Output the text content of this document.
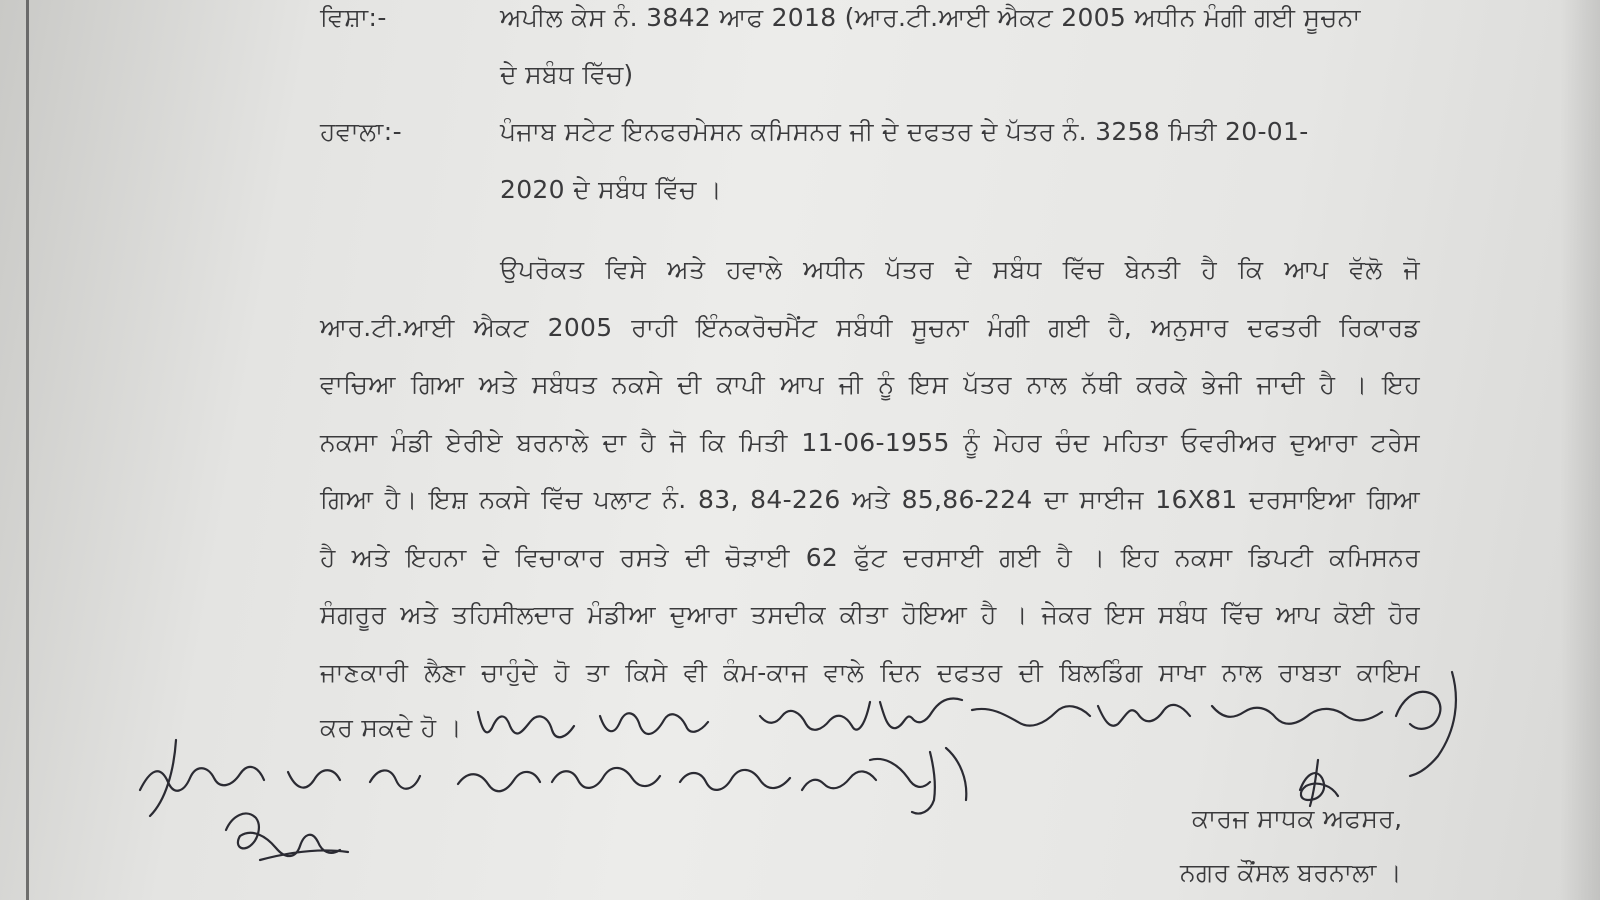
ਵਿਸ਼ਾ:-	ਅਪੀਲ ਕੇਸ ਨੰ. 3842 ਆਫ 2018 (ਆਰ.ਟੀ.ਆਈ ਐਕਟ 2005 ਅਧੀਨ ਮੰਗੀ ਗਈ ਸੂਚਨਾ
ਦੇ ਸਬੰਧ ਵਿੱਚ)
ਹਵਾਲਾ:-	ਪੰਜਾਬ ਸਟੇਟ ਇਨਫਰਮੇਸਨ ਕਮਿਸਨਰ ਜੀ ਦੇ ਦਫਤਰ ਦੇ ਪੱਤਰ ਨੰ. 3258 ਮਿਤੀ 20-01-
2020 ਦੇ ਸਬੰਧ ਵਿੱਚ ।
ਉਪਰੋਕਤ ਵਿਸੇ ਅਤੇ ਹਵਾਲੇ ਅਧੀਨ ਪੱਤਰ ਦੇ ਸਬੰਧ ਵਿੱਚ ਬੇਨਤੀ ਹੈ ਕਿ ਆਪ ਵੱਲੋ ਜੋ
ਆਰ.ਟੀ.ਆਈ ਐਕਟ 2005 ਰਾਹੀ ਇੰਨਕਰੋਚਮੈਂਟ ਸਬੰਧੀ ਸੂਚਨਾ ਮੰਗੀ ਗਈ ਹੈ, ਅਨੁਸਾਰ ਦਫਤਰੀ ਰਿਕਾਰਡ
ਵਾਚਿਆ ਗਿਆ ਅਤੇ ਸਬੰਧਤ ਨਕਸੇ ਦੀ ਕਾਪੀ ਆਪ ਜੀ ਨੂੰ ਇਸ ਪੱਤਰ ਨਾਲ ਨੱਥੀ ਕਰਕੇ ਭੇਜੀ ਜਾਦੀ ਹੈ । ਇਹ
ਨਕਸਾ ਮੰਡੀ ਏਰੀਏ ਬਰਨਾਲੇ ਦਾ ਹੈ ਜੋ ਕਿ ਮਿਤੀ 11-06-1955 ਨੂੰ ਮੇਹਰ ਚੰਦ ਮਹਿਤਾ ਓਵਰੀਅਰ ਦੁਆਰਾ ਟਰੇਸ
ਗਿਆ ਹੈ। ਇਸ਼ ਨਕਸੇ ਵਿੱਚ ਪਲਾਟ ਨੰ. 83, 84-226 ਅਤੇ 85,86-224 ਦਾ ਸਾਈਜ 16X81 ਦਰਸਾਇਆ ਗਿਆ
ਹੈ ਅਤੇ ਇਹਨਾ ਦੇ ਵਿਚਾਕਾਰ ਰਸਤੇ ਦੀ ਚੋੜਾਈ 62 ਫੁੱਟ ਦਰਸਾਈ ਗਈ ਹੈ । ਇਹ ਨਕਸਾ ਡਿਪਟੀ ਕਮਿਸਨਰ
ਸੰਗਰੂਰ ਅਤੇ ਤਹਿਸੀਲਦਾਰ ਮੰਡੀਆ ਦੁਆਰਾ ਤਸਦੀਕ ਕੀਤਾ ਹੋਇਆ ਹੈ । ਜੇਕਰ ਇਸ ਸਬੰਧ ਵਿੱਚ ਆਪ ਕੋਈ ਹੋਰ
ਜਾਣਕਾਰੀ ਲੈਣਾ ਚਾਹੁੰਦੇ ਹੋ ਤਾ ਕਿਸੇ ਵੀ ਕੰਮ-ਕਾਜ ਵਾਲੇ ਦਿਨ ਦਫਤਰ ਦੀ ਬਿਲਡਿੰਗ ਸਾਖਾ ਨਾਲ ਰਾਬਤਾ ਕਾਇਮ
ਕਰ ਸਕਦੇ ਹੋ ।
ਕਾਰਜ ਸਾਧਕ ਅਫਸਰ,
ਨਗਰ ਕੌਂਸਲ ਬਰਨਾਲਾ ।
